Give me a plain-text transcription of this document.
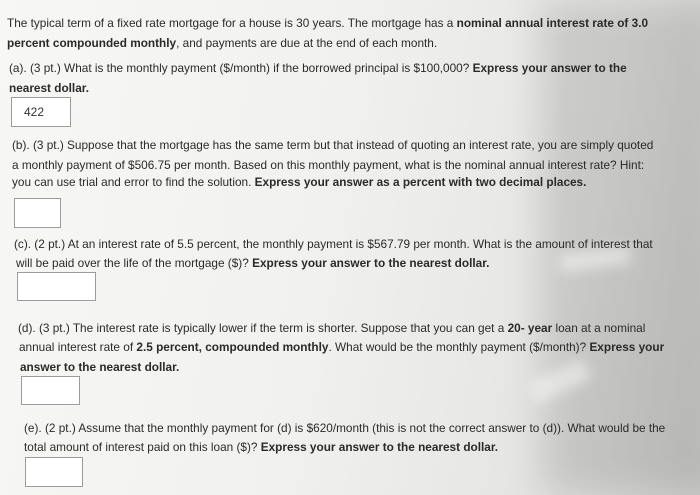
The typical term of a fixed rate mortgage for a house is 30 years. The mortgage has a nominal annual interest rate of 3.0

percent compounded monthly, and payments are due at the end of each month.

(a). (3 pt.) What is the monthly payment ($/month) if the borrowed principal is $100,000? Express your answer to the

nearest dollar.

422

(b). (3 pt.) Suppose that the mortgage has the same term but that instead of quoting an interest rate, you are simply quoted

a monthly payment of $506.75 per month. Based on this monthly payment, what is the nominal annual interest rate? Hint:

you can use trial and error to find the solution. Express your answer as a percent with two decimal places.

(c). (2 pt.) At an interest rate of 5.5 percent, the monthly payment is $567.79 per month. What is the amount of interest that

will be paid over the life of the mortgage ($)? Express your answer to the nearest dollar.

(d). (3 pt.) The interest rate is typically lower if the term is shorter. Suppose that you can get a 20- year loan at a nominal

annual interest rate of 2.5 percent, compounded monthly. What would be the monthly payment ($/month)? Express your

answer to the nearest dollar.

(e). (2 pt.) Assume that the monthly payment for (d) is $620/month (this is not the correct answer to (d)). What would be the

total amount of interest paid on this loan ($)? Express your answer to the nearest dollar.
